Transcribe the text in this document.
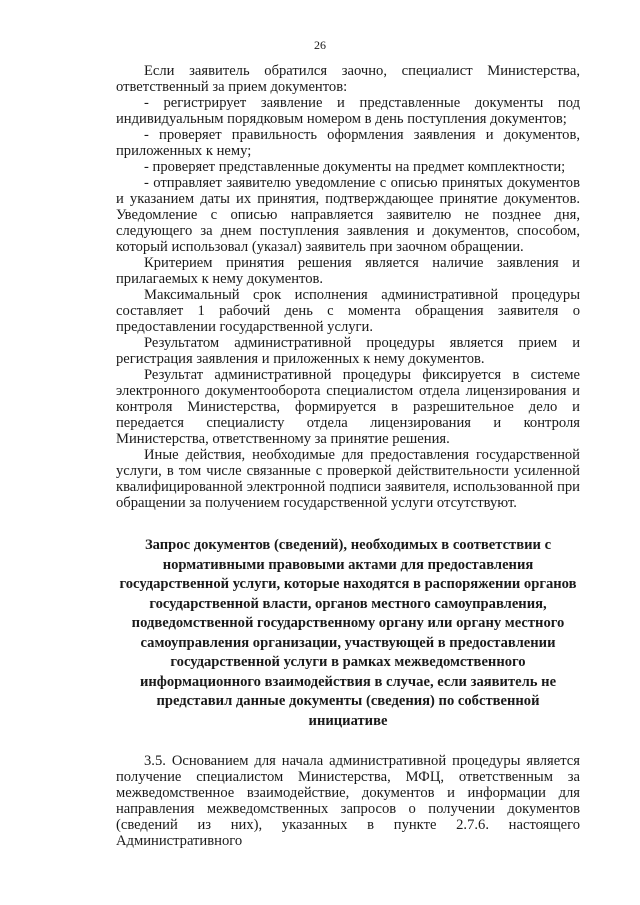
26

Если заявитель обратился заочно, специалист Министерства, ответственный за прием документов:

- регистрирует заявление и представленные документы под индивидуальным порядковым номером в день поступления документов;

- проверяет правильность оформления заявления и документов, приложенных к нему;

- проверяет представленные документы на предмет комплектности;

- отправляет заявителю уведомление с описью принятых документов и указанием даты их принятия, подтверждающее принятие документов. Уведомление с описью направляется заявителю не позднее дня, следующего за днем поступления заявления и документов, способом, который использовал (указал) заявитель при заочном обращении.

Критерием принятия решения является наличие заявления и прилагаемых к нему документов.

Максимальный срок исполнения административной процедуры составляет 1 рабочий день с момента обращения заявителя о предоставлении государственной услуги.

Результатом административной процедуры является прием и регистрация заявления и приложенных к нему документов.

Результат административной процедуры фиксируется в системе электронного документооборота специалистом отдела лицензирования и контроля Министерства, формируется в разрешительное дело и передается специалисту отдела лицензирования и контроля Министерства, ответственному за принятие решения.

Иные действия, необходимые для предоставления государственной услуги, в том числе связанные с проверкой действительности усиленной квалифицированной электронной подписи заявителя, использованной при обращении за получением государственной услуги отсутствуют.

Запрос документов (сведений), необходимых в соответствии с нормативными правовыми актами для предоставления государственной услуги, которые находятся в распоряжении органов государственной власти, органов местного самоуправления, подведомственной государственному органу или органу местного самоуправления организации, участвующей в предоставлении государственной услуги в рамках межведомственного информационного взаимодействия в случае, если заявитель не представил данные документы (сведения) по собственной инициативе

3.5. Основанием для начала административной процедуры является получение специалистом Министерства, МФЦ, ответственным за межведомственное взаимодействие, документов и информации для направления межведомственных запросов о получении документов (сведений из них), указанных в пункте 2.7.6. настоящего Административного
